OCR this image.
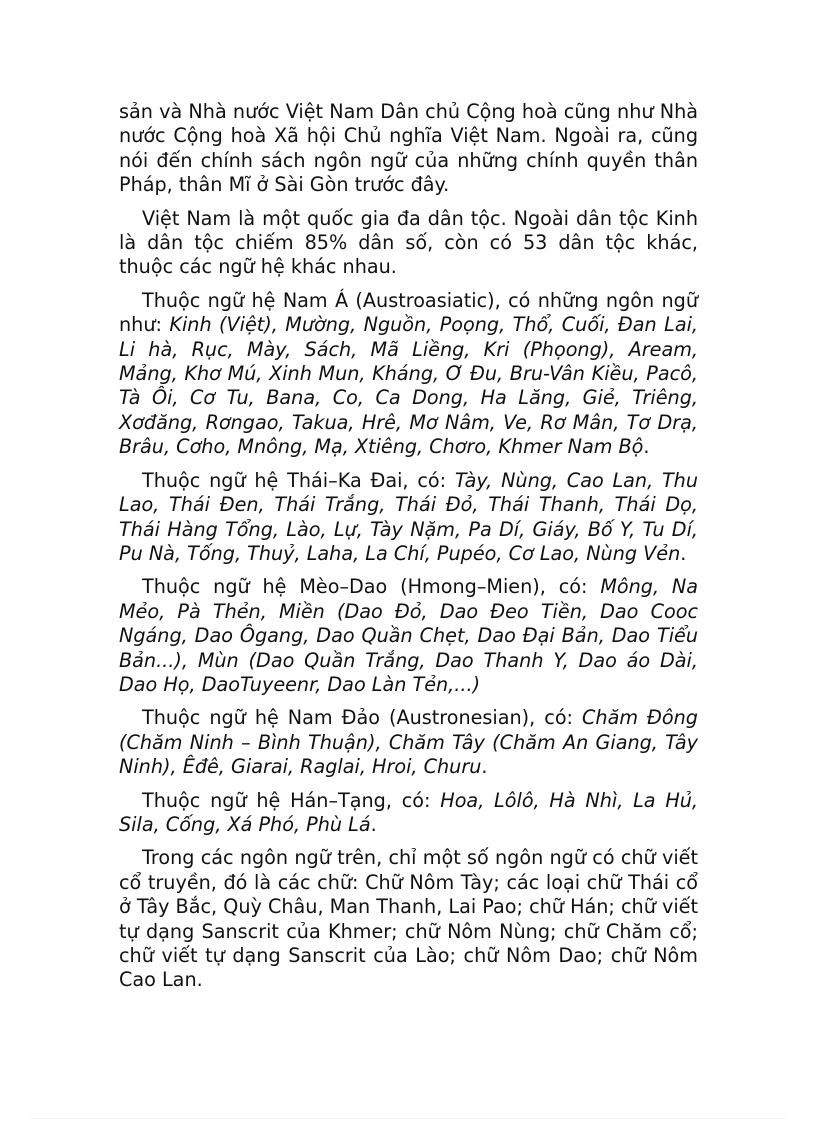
sản và Nhà nước Việt Nam Dân chủ Cộng hoà cũng như Nhà nước Cộng hoà Xã hội Chủ nghĩa Việt Nam. Ngoài ra, cũng nói đến chính sách ngôn ngữ của những chính quyền thân Pháp, thân Mĩ ở Sài Gòn trước đây.

Việt Nam là một quốc gia đa dân tộc. Ngoài dân tộc Kinh là dân tộc chiếm 85% dân số, còn có 53 dân tộc khác, thuộc các ngữ hệ khác nhau.

Thuộc ngữ hệ Nam Á (Austroasiatic), có những ngôn ngữ như: Kinh (Việt), Mường, Nguồn, Poọng, Thổ, Cuối, Đan Lai, Li hà, Rục, Mày, Sách, Mã Liềng, Kri (Phọong), Aream, Mảng, Khơ Mú, Xinh Mun, Kháng, Ơ Đu, Bru-Vân Kiều, Pacô, Tà Ôi, Cơ Tu, Bana, Co, Ca Dong, Ha Lăng, Giẻ, Triêng, Xơđăng, Rơngao, Takua, Hrê, Mơ Nâm, Ve, Rơ Mân, Tơ Drạ, Brâu, Cơho, Mnông, Mạ, Xtiêng, Chơro, Khmer Nam Bộ.

Thuộc ngữ hệ Thái–Ka Đai, có: Tày, Nùng, Cao Lan, Thu Lao, Thái Đen, Thái Trắng, Thái Đỏ, Thái Thanh, Thái Dọ, Thái Hàng Tổng, Lào, Lự, Tày Nặm, Pa Dí, Giáy, Bố Y, Tu Dí, Pu Nà, Tống, Thuỷ, Laha, La Chí, Pupéo, Cơ Lao, Nùng Vẻn.

Thuộc ngữ hệ Mèo–Dao (Hmong–Mien), có: Mông, Na Mẻo, Pà Thẻn, Miền (Dao Đỏ, Dao Đeo Tiền, Dao Cooc Ngáng, Dao Ôgang, Dao Quần Chẹt, Dao Đại Bản, Dao Tiểu Bản...), Mùn (Dao Quần Trắng, Dao Thanh Y, Dao áo Dài, Dao Họ, DaoTuyeenr, Dao Làn Tẻn,...)

Thuộc ngữ hệ Nam Đảo (Austronesian), có: Chăm Đông (Chăm Ninh – Bình Thuận), Chăm Tây (Chăm An Giang, Tây Ninh), Êđê, Giarai, Raglai, Hroi, Churu.

Thuộc ngữ hệ Hán–Tạng, có: Hoa, Lôlô, Hà Nhì, La Hủ, Sila, Cống, Xá Phó, Phù Lá.

Trong các ngôn ngữ trên, chỉ một số ngôn ngữ có chữ viết cổ truyền, đó là các chữ: Chữ Nôm Tày; các loại chữ Thái cổ ở Tây Bắc, Quỳ Châu, Man Thanh, Lai Pao; chữ Hán; chữ viết tự dạng Sanscrit của Khmer; chữ Nôm Nùng; chữ Chăm cổ; chữ viết tự dạng Sanscrit của Lào; chữ Nôm Dao; chữ Nôm Cao Lan.
